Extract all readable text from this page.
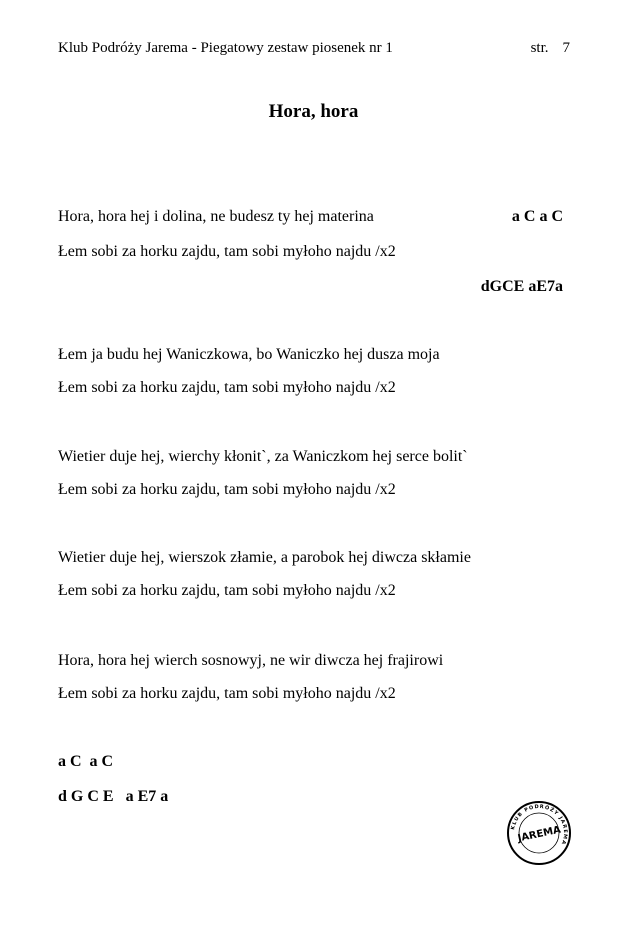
Klub Podróży Jarema - Piegatowy zestaw piosenek nr 1	str. 7
Hora, hora
Hora, hora hej i dolina, ne budesz ty hej materina	a C a C
Łem sobi za horku zajdu, tam sobi myłoho najdu /x2
dGCE aE7a
Łem ja budu hej Waniczkowa, bo Waniczko hej dusza moja
Łem sobi za horku zajdu, tam sobi myłoho najdu /x2
Wietier duje hej, wierchy kłonit`, za Waniczkom hej serce bolit`
Łem sobi za horku zajdu, tam sobi myłoho najdu /x2
Wietier duje hej, wierszok złamie, a parobok hej diwcza skłamie
Łem sobi za horku zajdu, tam sobi myłoho najdu /x2
Hora, hora hej wierch sosnowyj, ne wir diwcza hej frajirowi
Łem sobi za horku zajdu, tam sobi myłoho najdu /x2
a C  a C
d G C E   a E7 a
KLUB PODRÓŻY JAREMA
JAREMA
